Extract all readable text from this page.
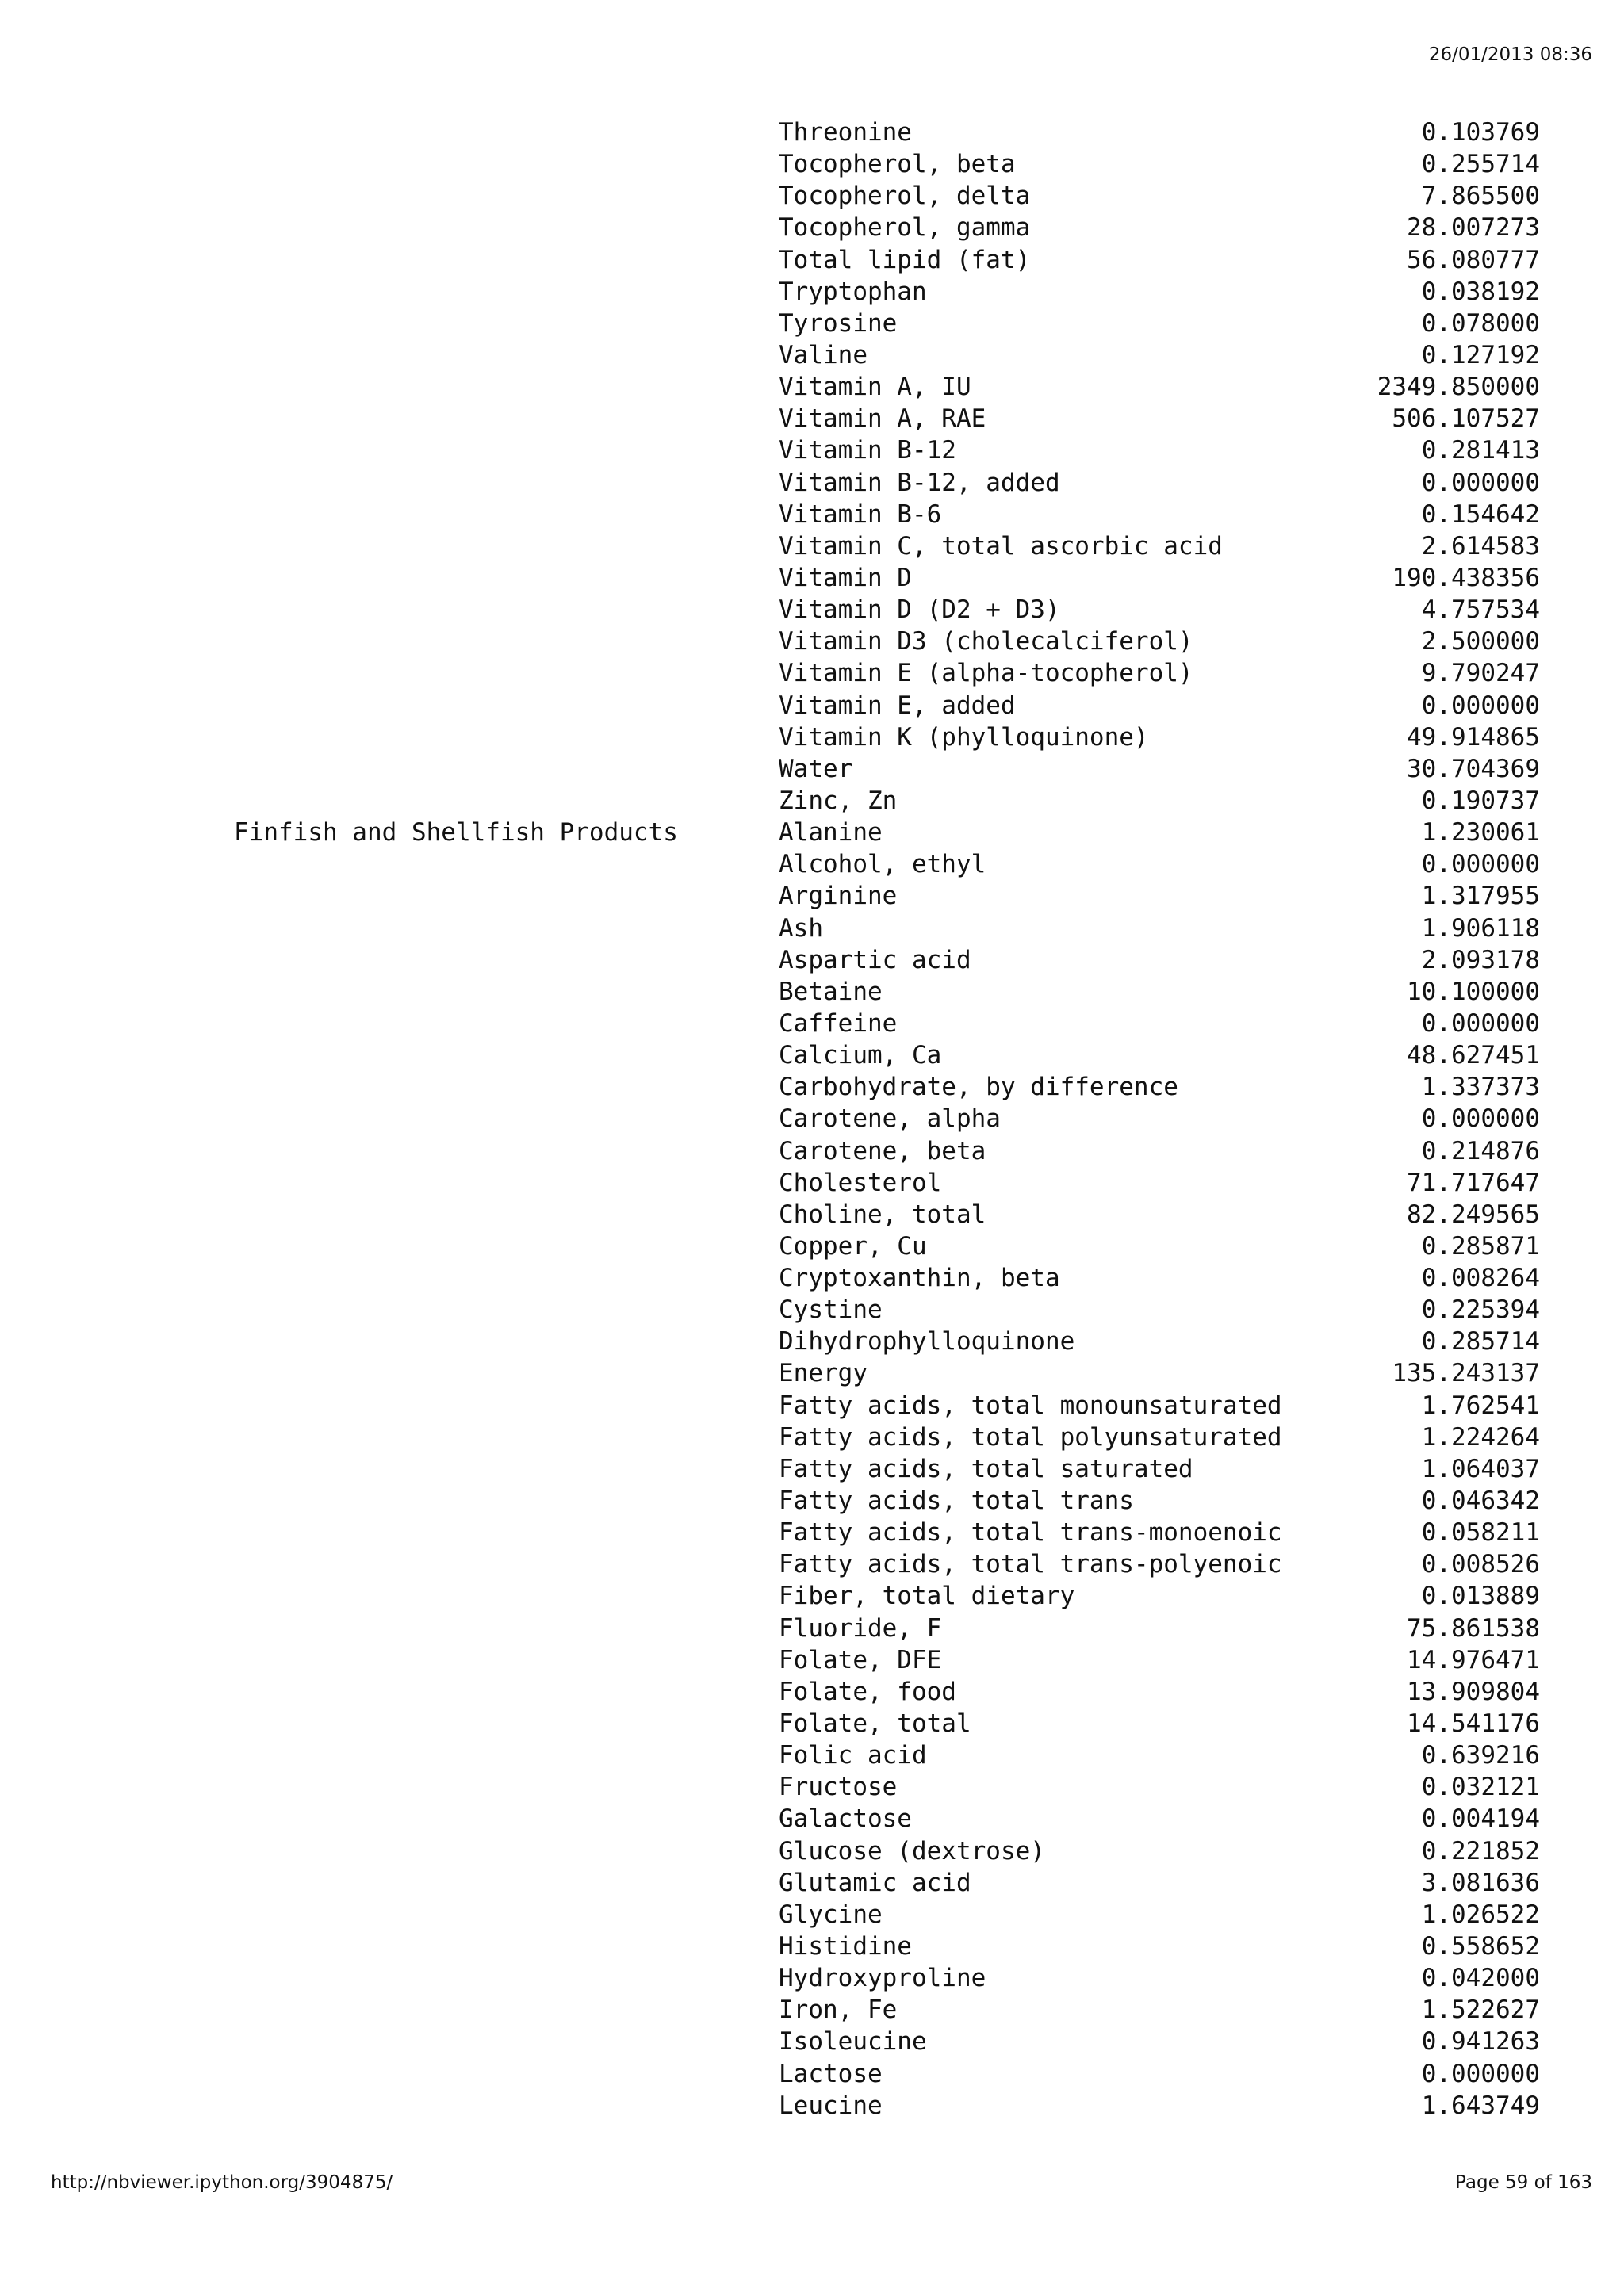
26/01/2013 08:36
Threonine	0.103769
Tocopherol, beta	0.255714
Tocopherol, delta	7.865500
Tocopherol, gamma	28.007273
Total lipid (fat)	56.080777
Tryptophan	0.038192
Tyrosine	0.078000
Valine	0.127192
Vitamin A, IU	2349.850000
Vitamin A, RAE	506.107527
Vitamin B-12	0.281413
Vitamin B-12, added	0.000000
Vitamin B-6	0.154642
Vitamin C, total ascorbic acid	2.614583
Vitamin D	190.438356
Vitamin D (D2 + D3)	4.757534
Vitamin D3 (cholecalciferol)	2.500000
Vitamin E (alpha-tocopherol)	9.790247
Vitamin E, added	0.000000
Vitamin K (phylloquinone)	49.914865
Water	30.704369
Zinc, Zn	0.190737
Finfish and Shellfish Products	Alanine	1.230061
Alcohol, ethyl	0.000000
Arginine	1.317955
Ash	1.906118
Aspartic acid	2.093178
Betaine	10.100000
Caffeine	0.000000
Calcium, Ca	48.627451
Carbohydrate, by difference	1.337373
Carotene, alpha	0.000000
Carotene, beta	0.214876
Cholesterol	71.717647
Choline, total	82.249565
Copper, Cu	0.285871
Cryptoxanthin, beta	0.008264
Cystine	0.225394
Dihydrophylloquinone	0.285714
Energy	135.243137
Fatty acids, total monounsaturated	1.762541
Fatty acids, total polyunsaturated	1.224264
Fatty acids, total saturated	1.064037
Fatty acids, total trans	0.046342
Fatty acids, total trans-monoenoic	0.058211
Fatty acids, total trans-polyenoic	0.008526
Fiber, total dietary	0.013889
Fluoride, F	75.861538
Folate, DFE	14.976471
Folate, food	13.909804
Folate, total	14.541176
Folic acid	0.639216
Fructose	0.032121
Galactose	0.004194
Glucose (dextrose)	0.221852
Glutamic acid	3.081636
Glycine	1.026522
Histidine	0.558652
Hydroxyproline	0.042000
Iron, Fe	1.522627
Isoleucine	0.941263
Lactose	0.000000
Leucine	1.643749
http://nbviewer.ipython.org/3904875/	Page 59 of 163
